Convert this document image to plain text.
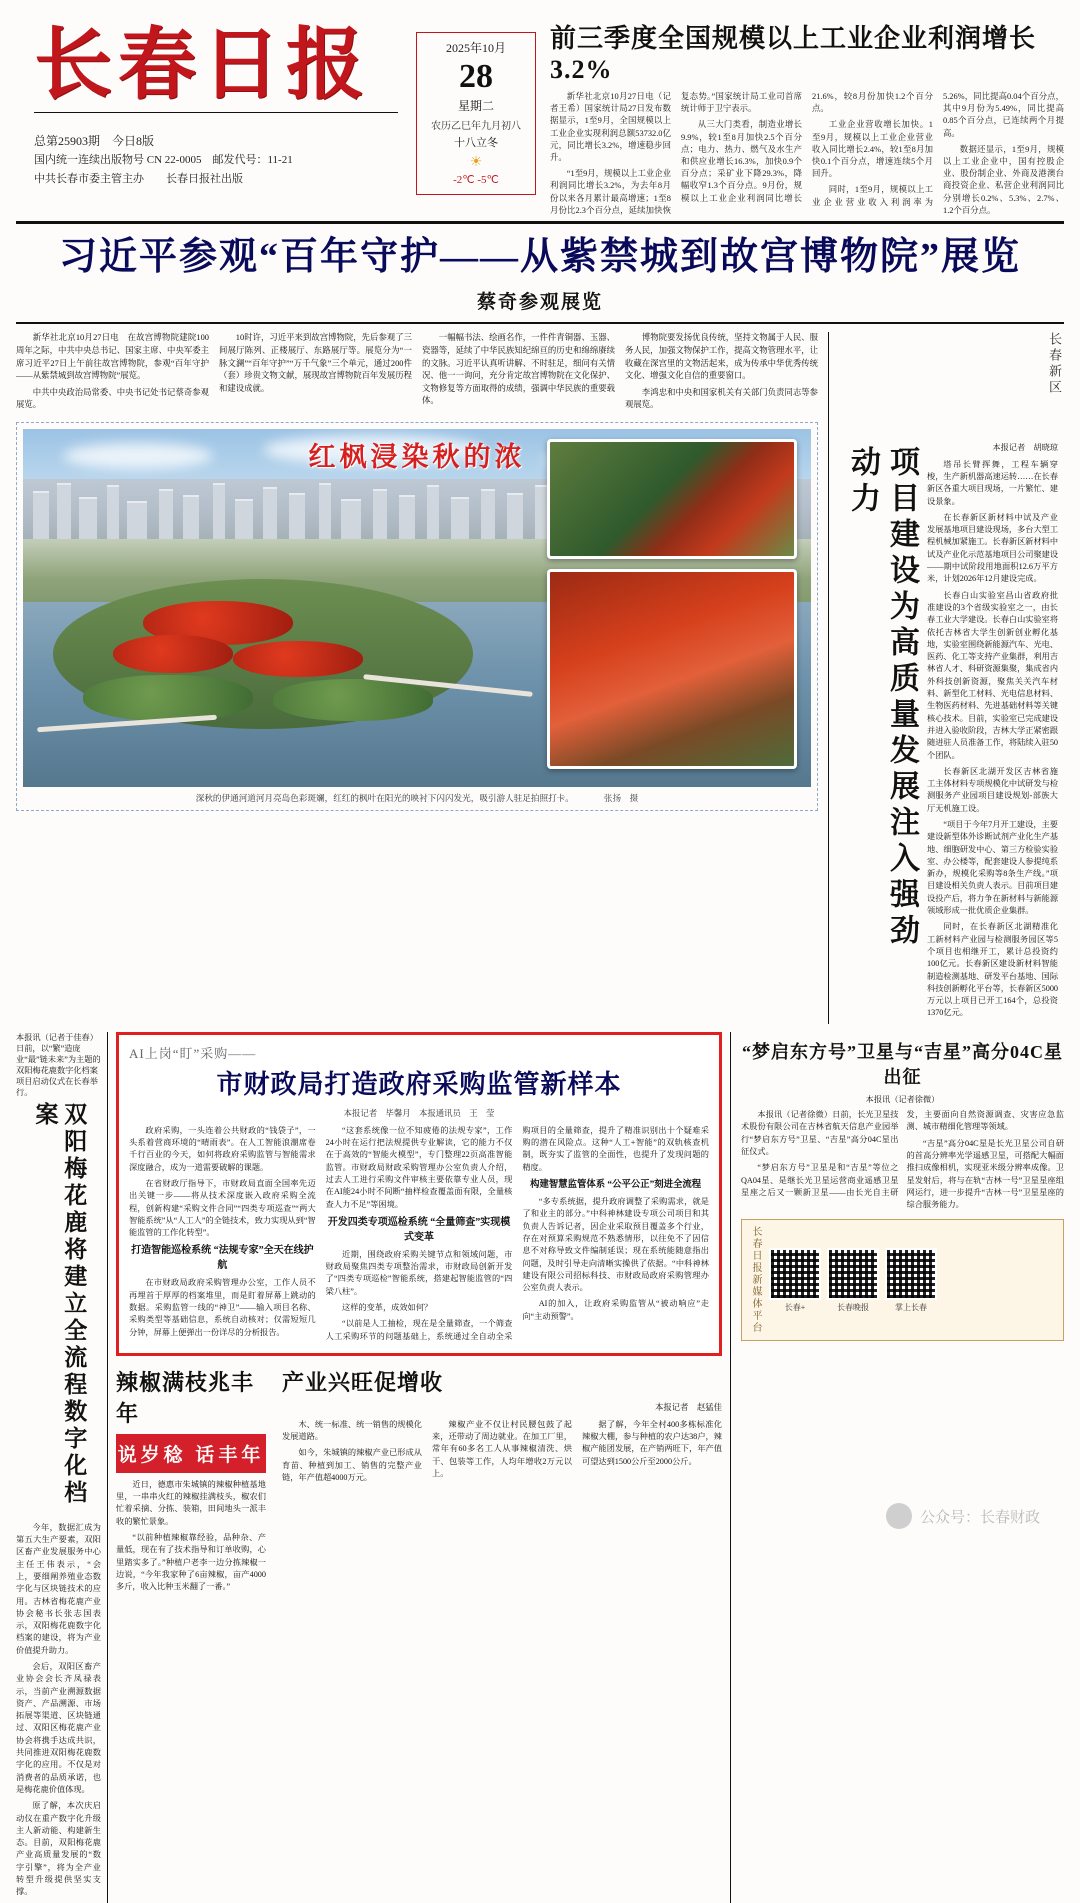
长春日报
总第25903期　今日8版
国内统一连续出版物号 CN 22-0005　邮发代号：11-21
中共长春市委主管主办　　长春日报社出版
2025年10月
28
星期二
农历乙巳年九月初八
十八立冬
☀
-2℃ -5℃
前三季度全国规模以上工业企业利润增长3.2%

新华社北京10月27日电（记者王希）国家统计局27日发布数据显示，1至9月，全国规模以上工业企业实现利润总额53732.0亿元，同比增长3.2%，增速稳步回升。

“1至9月，规模以上工业企业利润同比增长3.2%，为去年8月份以来各月累计最高增速；1至8月份比2.3个百分点，延续加快恢复态势。”国家统计局工业司首席统计师于卫宁表示。

从三大门类看，制造业增长9.9%，较1至8月加快2.5个百分点；电力、热力、燃气及水生产和供应业增长16.3%，加快0.9个百分点；采矿业下降29.3%，降幅收窄1.3个百分点。9月份，规模以上工业企业利润同比增长21.6%，较8月份加快1.2个百分点。

工业企业营收增长加快。1至9月，规模以上工业企业营业收入同比增长2.4%，较1至8月加快0.1个百分点，增速连续5个月回升。

同时，1至9月，规模以上工业企业营业收入利润率为5.26%，同比提高0.04个百分点，其中9月份为5.49%，同比提高0.85个百分点，已连续两个月提高。

数据还显示，1至9月，规模以上工业企业中，国有控股企业、股份制企业、外商及港澳台商投资企业、私营企业利润同比分别增长0.2%、5.3%、2.7%、1.2个百分点。

习近平参观“百年守护——从紫禁城到故宫博物院”展览
蔡奇参观展览

新华社北京10月27日电　在故宫博物院建院100周年之际，中共中央总书记、国家主席、中央军委主席习近平27日上午前往故宫博物院，参观“百年守护——从紫禁城到故宫博物院”展览。

中共中央政治局常委、中央书记处书记蔡奇参观展览。

10时许，习近平来到故宫博物院，先后参观了三间展厅陈列、正楼展厅、东路展厅等。展览分为“一脉文澜”“百年守护”“万千气象”三个单元，通过200件（套）珍贵文物文献，展现故宫博物院百年发展历程和建设成就。

一幅幅书法、绘画名作，一件件青铜器、玉器、瓷器等，延续了中华民族知纪绵亘的历史和绵绵赓续的文脉。习近平认真听讲解、不时驻足，细问有关情况、他一一询问，充分肯定故宫博物院在文化保护、文物修复等方面取得的成绩，强调中华民族的重要载体。

博物院要发扬优良传统，坚持文物属于人民、服务人民，加强文物保护工作，提高文物管理水平，让收藏在深宫里的文物活起来，成为传承中华优秀传统文化、增强文化自信的重要窗口。

李鸿忠和中央和国家机关有关部门负责同志等参观展览。

红枫浸染秋的浓
深秋的伊通河道河月亮岛色彩斑斓，红红的枫叶在阳光的映衬下闪闪发光，吸引游人驻足拍照打卡。	张扬　摄
长春新区
项目建设为高质量发展注入强劲动力	本报记者　胡晓琼

塔吊长臂挥舞，工程车辆穿梭，生产新机器高速运转……在长春新区各重大项目现场，一片繁忙、建设景象。

在长春新区新材料中试及产业发展基地项目建设现场，多台大型工程机械加紧施工。长春新区新材料中试及产业化示范基地项目公司聚建设——期中试阶段用地面积12.6万平方米，计划2026年12月建设完成。

长春白山实验室昌山省政府批准建设的3个省级实验室之一，由长春工业大学建设。长春白山实验室将依托吉林省大学生创新创业孵化基地，实验室围绕新能源汽车、光电、医药、化工等支持产业集群，利用吉林省人才、科研资源集聚，集成省内外科技创新资源，聚焦关关汽车材料、新型化工材料、光电信息材料、生物医药材料、先进基础材料等关键核心技术。目前，实验室已完成建设并进入验收阶段，吉林大学正紧密跟随进驻人员准备工作，将陆续入驻50个团队。

长春新区北湖开发区吉林省施工主体材料专项规模化中试研发与检测服务产业园项目建设规划-部族大厅无机施工设。

“项目于今年7月开工建设，主要建设新型体外诊断试剂产业化生产基地、细胞研发中心、第三方检验实验室、办公楼等，配套建设人参提纯系新办，规模化采购等8条生产线。”项目建设相关负责人表示。目前项目建设投产后，将力争在新材料与新能源领域形成一批优质企业集群。

同时，在长春新区北湖精准化工新材料产业园与检测服务园区等5个项目也相继开工，累计总投资约100亿元。长春新区建设新材料智能制造检测基地、研发平台基地、国际科技创新孵化平台等，长春新区5000万元以上项目已开工164个，总投资1370亿元。

本报讯（记者于佳春）日前，以“繁”造庞业“最”链未来”为主题的双阳梅花鹿数字化档案项目启动仪式在长春举行。
双阳梅花鹿将建立全流程数字化档案

今年，数据汇成为第五大生产要素，双阳区畜产业发展服务中心主任王伟表示，“会上，要细阐养殖业态数字化与区块链技术的应用。吉林省梅花鹿产业协会秘书长张志国表示，双阳梅花鹿数字化档案的建设，将为产业价值提升助力。

会后，双阳区畜产业协会会长齐凤禄表示，当前产业溯源数据资产、产品溯源、市场拓展等渠道、区块链通过、双阳区梅花鹿产业协会将携手达成共识，共同推进双阳梅花鹿数字化的应用。不仅是对消费者的品质承诺，也是梅花鹿价值体现。

原了解，本次庆启动仪在重产数字化升级主人新动能、构建新生态。目前，双阳梅花鹿产业高质量发展的“数字引擎”，将为全产业转型升级提供坚实支撑。

AI上岗“盯”采购——
市财政局打造政府采购监管新样本
本报记者　毕馨月　本报通讯员　王　莹

政府采购，一头连着公共财政的“钱袋子”，一头系着营商环境的“晴雨表”。在人工智能浪潮席卷千行百业的今天，如何将政府采购监管与智能需求深度融合，成为一道需要破解的课题。

在省财政厅指导下，市财政局直面全国率先迈出关键一步——将从技术深度嵌入政府采购全流程，创新构建“采购文件合同”“四类专项巡查”“两大智能系统”从“人工人”的全链技术，致力实现从到“智能监管的工作化转型”。

打造智能巡检系统 “法规专家”全天在线护航

在市财政局政府采购管理办公室，工作人员不再埋首于厚厚的档案堆里，而是盯着屏幕上跳动的数据。采购监管一线的“神卫”——输入项目名称、采购类型等基础信息，系统自动核对；仅需短短几分钟，屏幕上便弹出一份详尽的分析报告。

“这套系统像一位不知疲倦的法规专家”，工作24小时在运行把法规提供专业解读，它的能力不仅在于高效的“智能火模型”，专门整理22页高准智能监管。市财政局财政采购管理办公室负责人介绍，过去人工进行采购文件审核主要依靠专业人员，现在AI能24小时不间断“抽样检查覆盖面有限，全量核查人力不足”等困境。

开发四类专项巡检系统 “全量筛查”实现模式变革

近期，围绕政府采购关键节点和领域问题，市财政局聚焦四类专项整治需求，市财政局创新开发了“四类专项巡检”智能系统，搭建起智能监管的“四梁八柱”。

这样的变革，成效如何？

“以前是人工抽检，现在是全量筛查，一个筛查人工采购环节的问题基础上，系统通过全自动全采购项目的全量筛查，提升了精准识别出十个疑难采购的潜在风险点。这种“人工+智能”的双轨核查机制，既夯实了监管的全面性，也提升了发现问题的精度。

构建智慧监管体系 “公平公正”刻进全流程

“多专系统据，提升政府调整了采购需求，就是了和业主的部分。”中科神林建设专项公司项目和其负责人告诉记者，因企业采取预目覆盖多个行业，存在对预算采购规范不熟悉情形，以往免不了因信息不对称导致文件编制延误；现在系统能随意指出问题，及时引导走向清晰实操供了依据。“中科神林建设有限公司招标科技、市财政局政府采购管理办公室负责人表示。

AI的加入，让政府采购监管从“被动响应”走向“主动预警”。

辣椒满枝兆丰年
说岁稔 话丰年

近日，德惠市朱城镇的辣椒种植基地里，一串串火红的辣椒挂满枝头，椒农们忙着采摘、分拣、装箱，田间地头一派丰收的繁忙景象。

“以前种植辣椒靠经验，品种杂、产量低，现在有了技术指导和订单收购，心里踏实多了。”种植户老李一边分拣辣椒一边说，“今年我家种了6亩辣椒，亩产4000多斤，收入比种玉米翻了一番。”

产业兴旺促增收
本报记者　赵猛佳

木、统一标准、统一销售的规模化发展道路。

如今，朱城镇的辣椒产业已形成从育苗、种植到加工、销售的完整产业链，年产值超4000万元。

辣椒产业不仅让村民腰包鼓了起来，还带动了周边就业。在加工厂里，常年有60多名工人从事辣椒清洗、烘干、包装等工作，人均年增收2万元以上。

据了解，今年全村400多栋标准化辣椒大棚，参与种植的农户达38户，辣椒产能团发展，在产销两旺下，年产值可望达到1500公斤至2000公斤。

“梦启东方号”卫星与“吉星”高分04C星出征
本报讯（记者徐微）

本报讯（记者徐微）日前，长光卫星技术股份有限公司在吉林省航天信息产业园举行“梦启东方号”卫星、“吉星”高分04C星出征仪式。

“梦启东方号”卫星是和“吉星”等位之QA04星、是继长光卫星运营商业遥感卫星星座之后又一颗新卫星——由长光自主研发，主要面向自然资源调查、灾害应急监测、城市精细化管理等领域。

“吉星”高分04C星是长光卫星公司自研的首高分辨率光学遥感卫星，可搭配大幅面推扫成像相机，实现亚米级分辨率成像。卫星发射后，将与在轨“吉林一号”卫星星座组网运行，进一步提升“吉林一号”卫星星座的综合服务能力。

长春日报新媒体平台	长春+	长春晚报	掌上长春
公众号：长春财政
